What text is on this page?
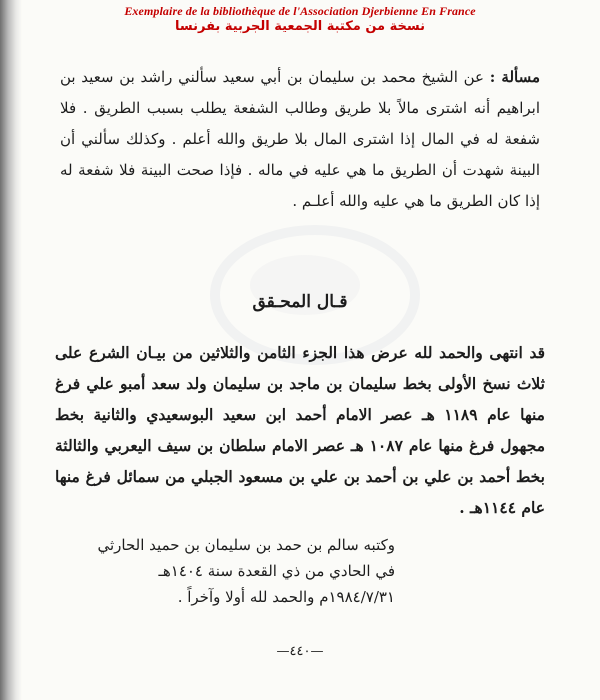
Exemplaire de la bibliothèque de l'Association Djerbienne En France
نسخة من مكتبة الجمعية الجربية بفرنسا
مسألة : عن الشيخ محمد بن سليمان بن أبي سعيد سألني راشد بن سعيد بن ابراهيم أنه اشترى مالاً بلا طريق وطالب الشفعة يطلب بسبب الطريق . فلا شفعة له في المال إذا اشترى المال بلا طريق والله أعلم . وكذلك سألني أن البينة شهدت أن الطريق ما هي عليه في ماله . فإذا صحت البينة فلا شفعة له إذا كان الطريق ما هي عليه والله أعلـم .
قـال المحـقق
قد انتهى والحمد لله عرض هذا الجزء الثامن والثلاثين من بيـان الشرع على ثلاث نسخ الأولى بخط سليمان بن ماجد بن سليمان ولد سعد أمبو علي فرغ منها عام ١١٨٩ هـ عصر الامام أحمد ابن سعيد البوسعيدي والثانية بخط مجهول فرغ منها عام ١٠٨٧ هـ عصر الامام سلطان بن سيف اليعربي والثالثة بخط أحمد بن علي بن أحمد بن علي بن مسعود الجبلي من سمائل فرغ منها عام ١١٤٤هـ .
وكتبه سالم بن حمد بن سليمان بن حميد الحارثي
في الحادي من ذي القعدة سنة ١٤٠٤هـ
١٩٨٤/٧/٣١م والحمد لله أولا وآخراً .
—٤٤٠—
